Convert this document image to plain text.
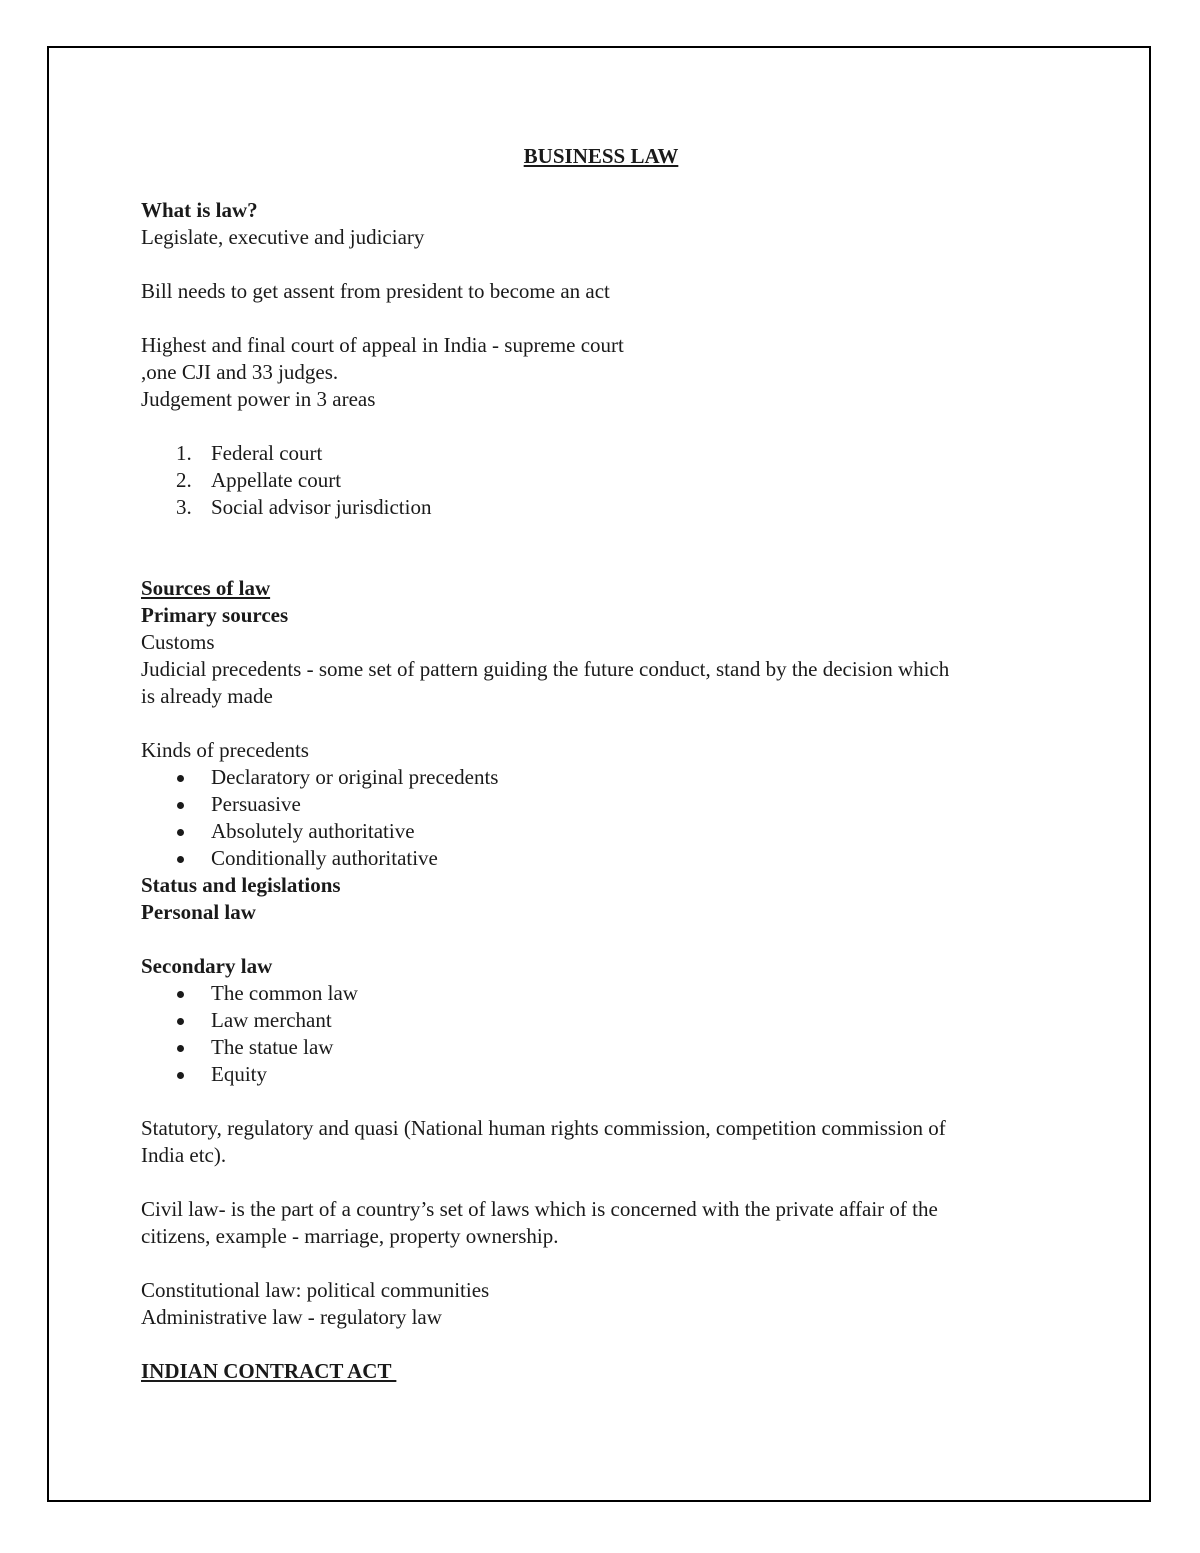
BUSINESS LAW

What is law?

Legislate, executive and judiciary

Bill needs to get assent from president to become an act

Highest and final court of appeal in India - supreme court

,one CJI and 33 judges.

Judgement power in 3 areas

1. Federal court
2. Appellate court
3. Social advisor jurisdiction

Sources of law

Primary sources

Customs

Judicial precedents - some set of pattern guiding the future conduct, stand by the decision which

is already made

Kinds of precedents

Declaratory or original precedents
Persuasive
Absolutely authoritative
Conditionally authoritative

Status and legislations

Personal law

Secondary law

The common law
Law merchant
The statue law
Equity

Statutory, regulatory and quasi (National human rights commission, competition commission of

India etc).

Civil law- is the part of a country’s set of laws which is concerned with the private affair of the

citizens, example - marriage, property ownership.

Constitutional law: political communities

Administrative law - regulatory law

INDIAN CONTRACT ACT
